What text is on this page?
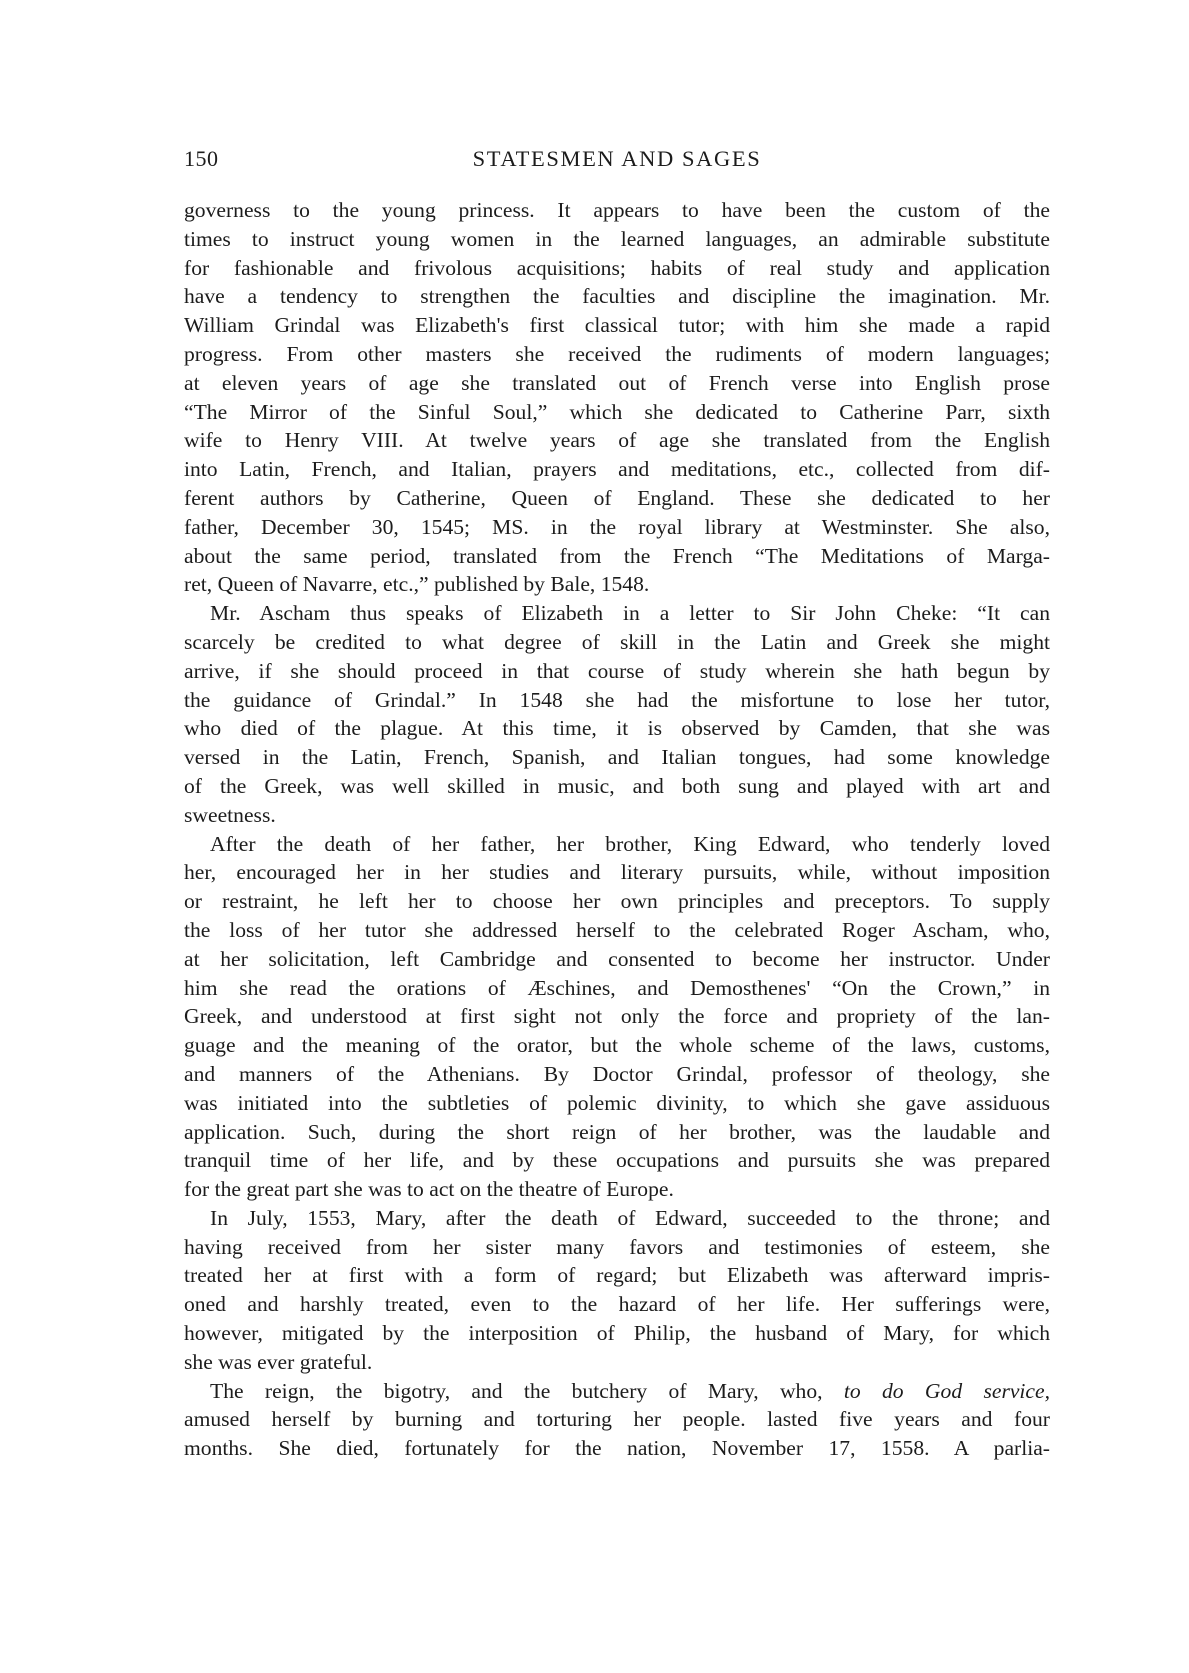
150	STATESMEN AND SAGES
governess to the young princess. It appears to have been the custom of the
times to instruct young women in the learned languages, an admirable substitute
for fashionable and frivolous acquisitions; habits of real study and application
have a tendency to strengthen the faculties and discipline the imagination. Mr.
William Grindal was Elizabeth's first classical tutor; with him she made a rapid
progress. From other masters she received the rudiments of modern languages;
at eleven years of age she translated out of French verse into English prose
“The Mirror of the Sinful Soul,” which she dedicated to Catherine Parr, sixth
wife to Henry VIII. At twelve years of age she translated from the English
into Latin, French, and Italian, prayers and meditations, etc., collected from dif-
ferent authors by Catherine, Queen of England. These she dedicated to her
father, December 30, 1545; MS. in the royal library at Westminster. She also,
about the same period, translated from the French “The Meditations of Marga-
ret, Queen of Navarre, etc.,” published by Bale, 1548.
Mr. Ascham thus speaks of Elizabeth in a letter to Sir John Cheke: “It can
scarcely be credited to what degree of skill in the Latin and Greek she might
arrive, if she should proceed in that course of study wherein she hath begun by
the guidance of Grindal.” In 1548 she had the misfortune to lose her tutor,
who died of the plague. At this time, it is observed by Camden, that she was
versed in the Latin, French, Spanish, and Italian tongues, had some knowledge
of the Greek, was well skilled in music, and both sung and played with art and
sweetness.
After the death of her father, her brother, King Edward, who tenderly loved
her, encouraged her in her studies and literary pursuits, while, without imposition
or restraint, he left her to choose her own principles and preceptors. To supply
the loss of her tutor she addressed herself to the celebrated Roger Ascham, who,
at her solicitation, left Cambridge and consented to become her instructor. Under
him she read the orations of Æschines, and Demosthenes' “On the Crown,” in
Greek, and understood at first sight not only the force and propriety of the lan-
guage and the meaning of the orator, but the whole scheme of the laws, customs,
and manners of the Athenians. By Doctor Grindal, professor of theology, she
was initiated into the subtleties of polemic divinity, to which she gave assiduous
application. Such, during the short reign of her brother, was the laudable and
tranquil time of her life, and by these occupations and pursuits she was prepared
for the great part she was to act on the theatre of Europe.
In July, 1553, Mary, after the death of Edward, succeeded to the throne; and
having received from her sister many favors and testimonies of esteem, she
treated her at first with a form of regard; but Elizabeth was afterward impris-
oned and harshly treated, even to the hazard of her life. Her sufferings were,
however, mitigated by the interposition of Philip, the husband of Mary, for which
she was ever grateful.
The reign, the bigotry, and the butchery of Mary, who, to do God service,
amused herself by burning and torturing her people. lasted five years and four
months. She died, fortunately for the nation, November 17, 1558. A parlia-
